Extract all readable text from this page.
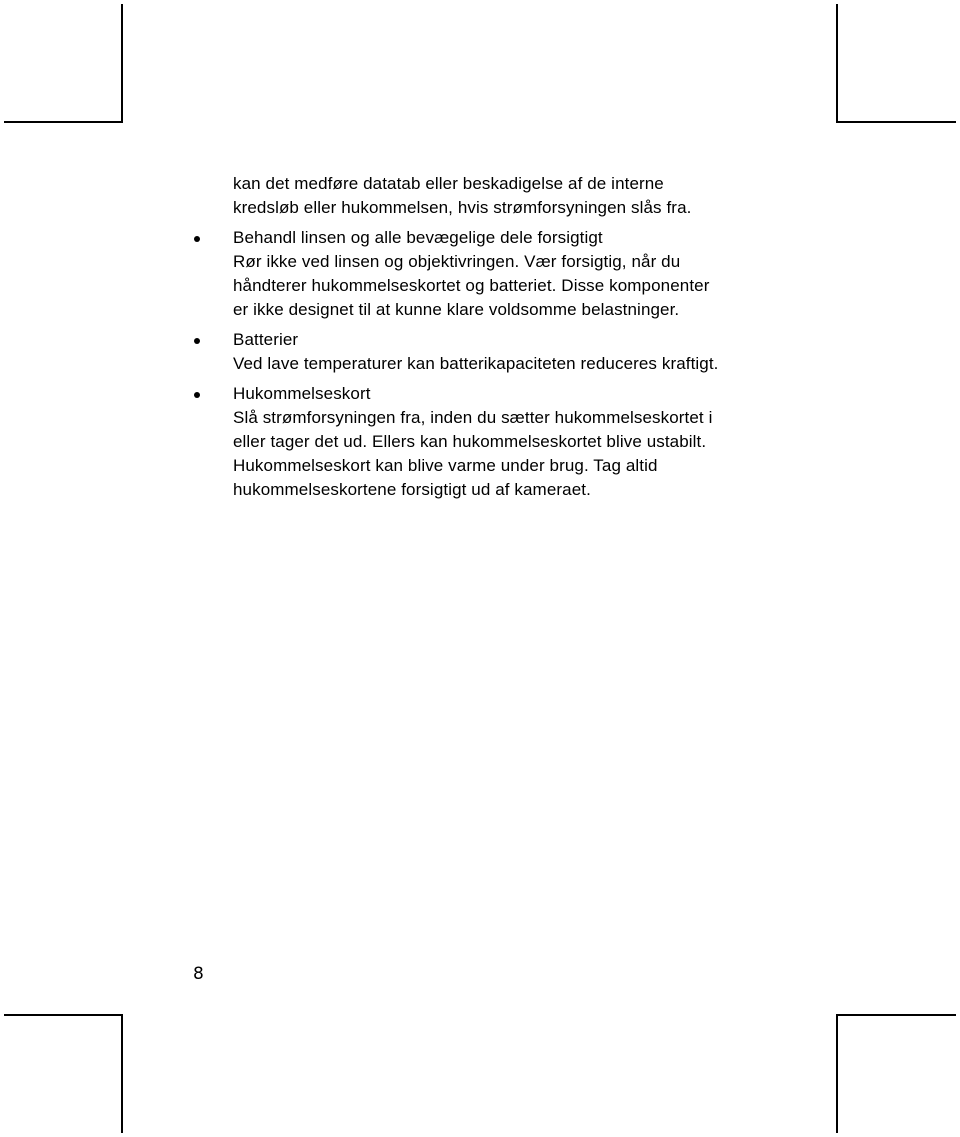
kan det medføre datatab eller beskadigelse af de interne
kredsløb eller hukommelsen, hvis strømforsyningen slås fra.
Behandl linsen og alle bevægelige dele forsigtigt
Rør ikke ved linsen og objektivringen. Vær forsigtig, når du
håndterer hukommelseskortet og batteriet. Disse komponenter
er ikke designet til at kunne klare voldsomme belastninger.
Batterier
Ved lave temperaturer kan batterikapaciteten reduceres kraftigt.
Hukommelseskort
Slå strømforsyningen fra, inden du sætter hukommelseskortet i
eller tager det ud. Ellers kan hukommelseskortet blive ustabilt.
Hukommelseskort kan blive varme under brug. Tag altid
hukommelseskortene forsigtigt ud af kameraet.
8
